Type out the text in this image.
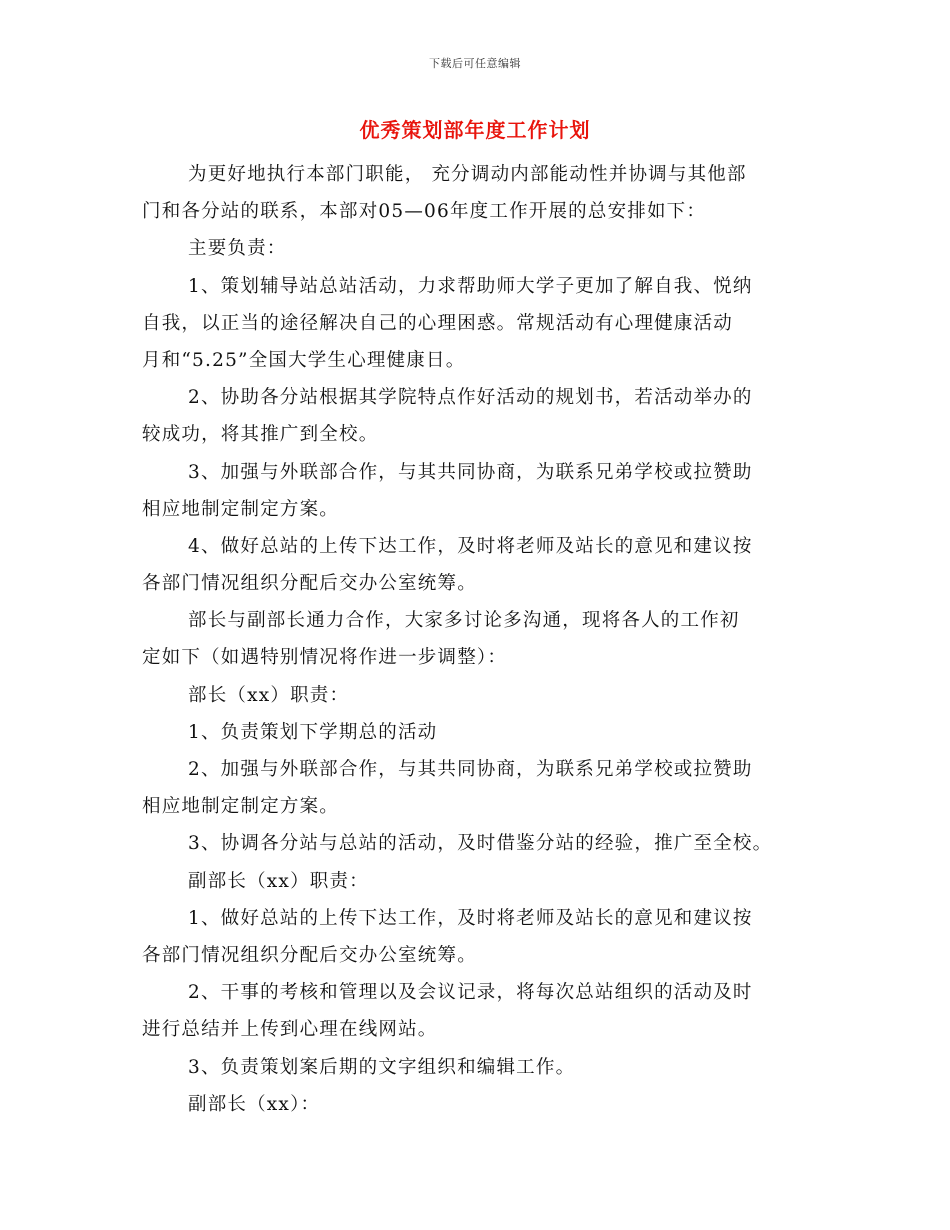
下载后可任意编辑
优秀策划部年度工作计划
为更好地执行本部门职能， 充分调动内部能动性并协调与其他部
门和各分站的联系，本部对05—06年度工作开展的总安排如下：
主要负责：
1、策划辅导站总站活动，力求帮助师大学子更加了解自我、悦纳
自我，以正当的途径解决自己的心理困惑。常规活动有心理健康活动
月和“5.25”全国大学生心理健康日。
2、协助各分站根据其学院特点作好活动的规划书，若活动举办的
较成功，将其推广到全校。
3、加强与外联部合作，与其共同协商，为联系兄弟学校或拉赞助
相应地制定制定方案。
4、做好总站的上传下达工作，及时将老师及站长的意见和建议按
各部门情况组织分配后交办公室统筹。
部长与副部长通力合作，大家多讨论多沟通，现将各人的工作初
定如下（如遇特别情况将作进一步调整）：
部长（xx）职责：
1、负责策划下学期总的活动
2、加强与外联部合作，与其共同协商，为联系兄弟学校或拉赞助
相应地制定制定方案。
3、协调各分站与总站的活动，及时借鉴分站的经验，推广至全校。
副部长（xx）职责：
1、做好总站的上传下达工作，及时将老师及站长的意见和建议按
各部门情况组织分配后交办公室统筹。
2、干事的考核和管理以及会议记录，将每次总站组织的活动及时
进行总结并上传到心理在线网站。
3、负责策划案后期的文字组织和编辑工作。
副部长（xx）：
